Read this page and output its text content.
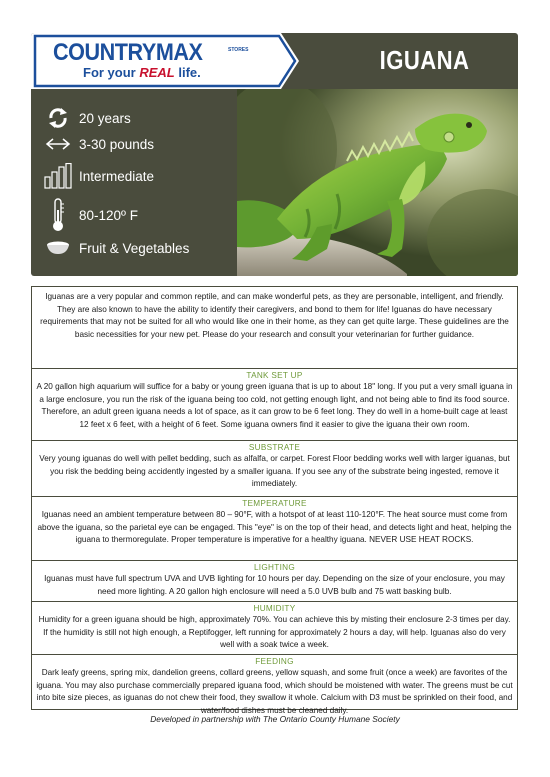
COUNTRYMAX	STORES
For your REAL life.	IGUANA
20 years
3-30 pounds
Intermediate
80-120º F
Fruit & Vegetables

Iguanas are a very popular and common reptile, and can make wonderful pets, as they are personable, intelligent, and friendly. They are also known to have the ability to identify their caregivers, and bond to them for life! Iguanas do have necessary requirements that may not be suited for all who would like one in their home, as they can get quite large. These guidelines are the basic necessities for your new pet. Please do your research and consult your veterinarian for further guidance.

TANK SET UP

A 20 gallon high aquarium will suffice for a baby or young green iguana that is up to about 18" long. If you put a very small iguana in a large enclosure, you run the risk of the iguana being too cold, not getting enough light, and not being able to find its food source. Therefore, an adult green iguana needs a lot of space, as it can grow to be 6 feet long. They do well in a home-built cage at least 12 feet x 6 feet, with a height of 6 feet. Some iguana owners find it easier to give the iguana their own room.

SUBSTRATE

Very young iguanas do well with pellet bedding, such as alfalfa, or carpet. Forest Floor bedding works well with larger iguanas, but you risk the bedding being accidently ingested by a smaller iguana. If you see any of the substrate being ingested, remove it immediately.

TEMPERATURE

Iguanas need an ambient temperature between 80 – 90°F, with a hotspot of at least 110-120°F. The heat source must come from above the iguana, so the parietal eye can be engaged. This "eye" is on the top of their head, and detects light and heat, helping the iguana to thermoregulate. Proper temperature is imperative for a healthy iguana. NEVER USE HEAT ROCKS.

LIGHTING

Iguanas must have full spectrum UVA and UVB lighting for 10 hours per day. Depending on the size of your enclosure, you may need more lighting. A 20 gallon high enclosure will need a 5.0 UVB bulb and 75 watt basking bulb.

HUMIDITY

Humidity for a green iguana should be high, approximately 70%. You can achieve this by misting their enclosure 2-3 times per day. If the humidity is still not high enough, a Reptifogger, left running for approximately 2 hours a day, will help. Iguanas also do very well with a soak twice a week.

FEEDING

Dark leafy greens, spring mix, dandelion greens, collard greens, yellow squash, and some fruit (once a week) are favorites of the iguana. You may also purchase commercially prepared iguana food, which should be moistened with water. The greens must be cut into bite size pieces, as iguanas do not chew their food, they swallow it whole. Calcium with D3 must be sprinkled on their food, and water/food dishes must be cleaned daily.

Developed in partnership with The Ontario County Humane Society
